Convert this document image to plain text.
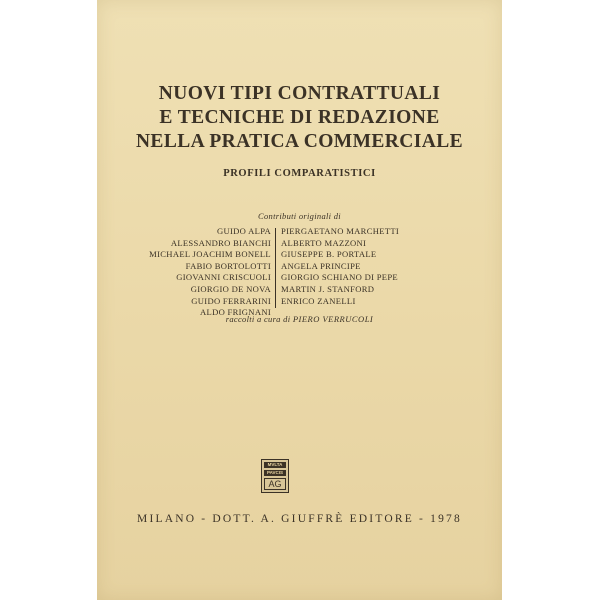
NUOVI TIPI CONTRATTUALI
E TECNICHE DI REDAZIONE
NELLA PRATICA COMMERCIALE
PROFILI COMPARATISTICI
Contributi originali di
GUIDO ALPA
ALESSANDRO BIANCHI
MICHAEL JOACHIM BONELL
FABIO BORTOLOTTI
GIOVANNI CRISCUOLI
GIORGIO DE NOVA
GUIDO FERRARINI
ALDO FRIGNANI
PIERGAETANO MARCHETTI
ALBERTO MAZZONI
GIUSEPPE B. PORTALE
ANGELA PRINCIPE
GIORGIO SCHIANO DI PEPE
MARTIN J. STANFORD
ENRICO ZANELLI
raccolti a cura di PIERO VERRUCOLI
MVLTA
PAVCIS
AG
MILANO - DOTT. A. GIUFFRÈ EDITORE - 1978
